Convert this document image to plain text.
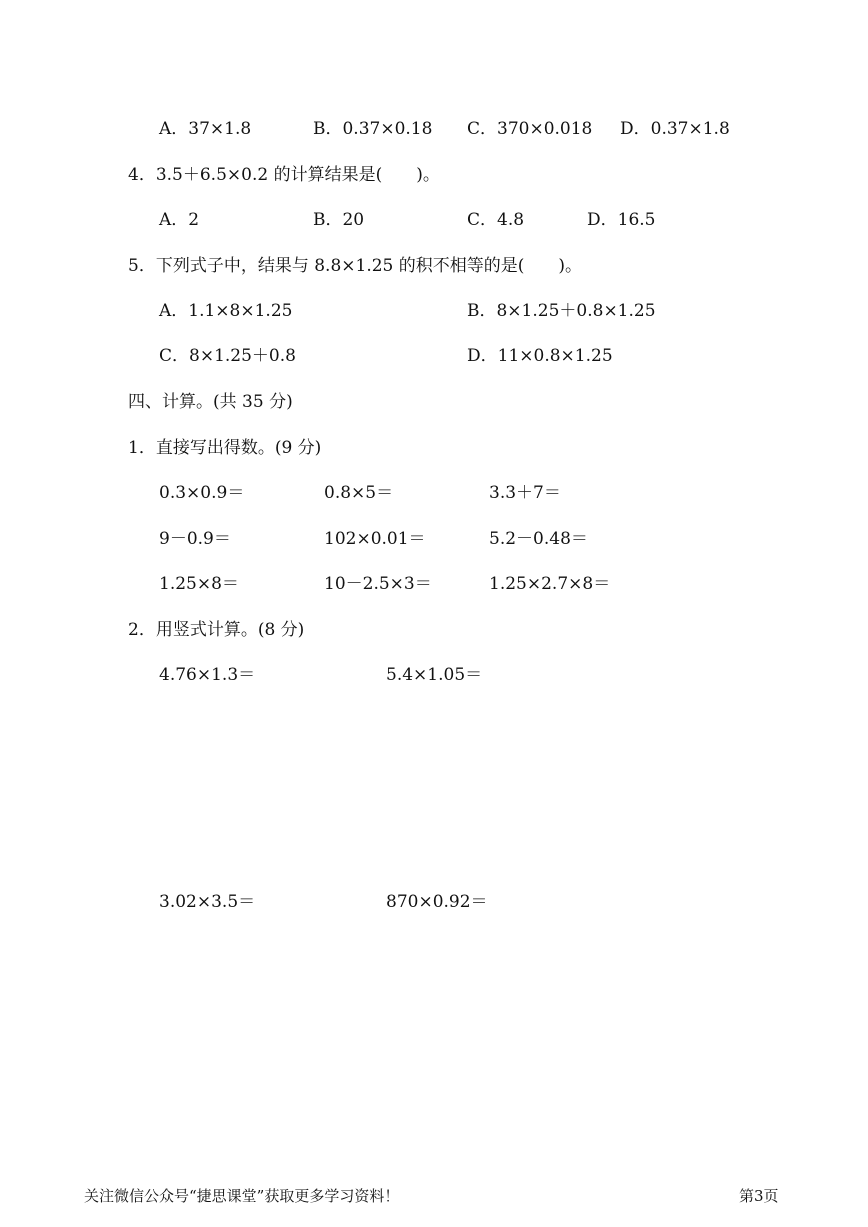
A．37×1.8	B．0.37×0.18 C．370×0.018 D．0.37×1.8
4．3.5＋6.5×0.2 的计算结果是(　　)。
A．2	B．20	C．4.8	D．16.5
5．下列式子中，结果与 8.8×1.25 的积不相等的是(　　)。
A．1.1×8×1.25	B．8×1.25＋0.8×1.25
C．8×1.25＋0.8	D．11×0.8×1.25
四、计算。(共 35 分)
1．直接写出得数。(9 分)
0.3×0.9＝	0.8×5＝	3.3＋7＝
9－0.9＝	102×0.01＝	5.2－0.48＝
1.25×8＝	10－2.5×3＝	1.25×2.7×8＝
2．用竖式计算。(8 分)
4.76×1.3＝	5.4×1.05＝
3.02×3.5＝	870×0.92＝
关注微信公众号“捷思课堂”获取更多学习资料！	第3页
